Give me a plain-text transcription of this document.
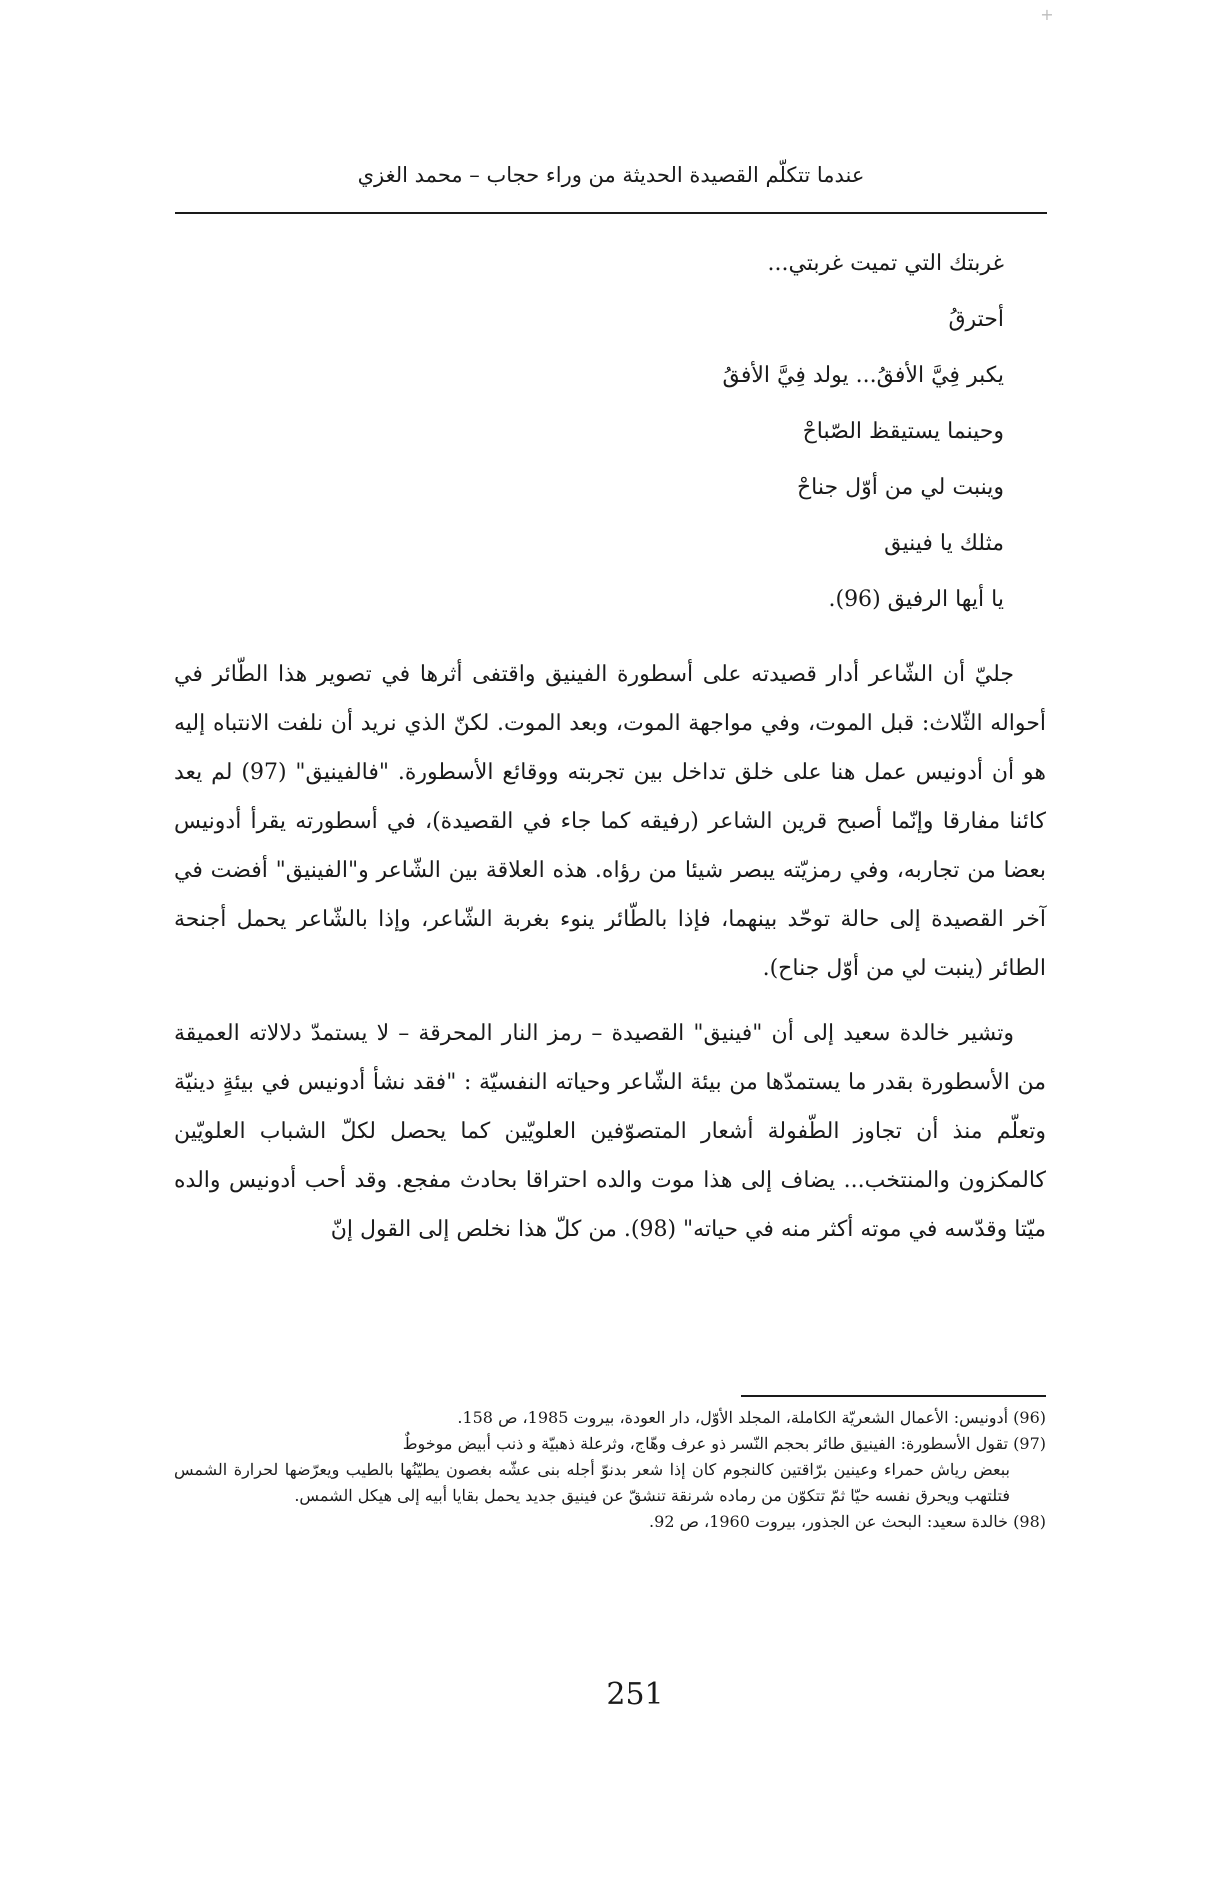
+
عندما تتكلّم القصيدة الحديثة من وراء حجاب – محمد الغزي
غربتك التي تميت غربتي...
أحترقُ
يكبر فِيَّ الأفقُ... يولد فِيَّ الأفقُ
وحينما يستيقظ الصّباحْ
وينبت لي من أوّل جناحْ
مثلك يا فينيق
يا أيها الرفيق (96).

جليّ أن الشّاعر أدار قصيدته على أسطورة الفينيق واقتفى أثرها في تصوير هذا الطّائر في أحواله الثّلاث: قبل الموت، وفي مواجهة الموت، وبعد الموت. لكنّ الذي نريد أن نلفت الانتباه إليه هو أن أدونيس عمل هنا على خلق تداخل بين تجربته ووقائع الأسطورة. "فالفينيق" (97) لم يعد كائنا مفارقا وإنّما أصبح قرين الشاعر (رفيقه كما جاء في القصيدة)، في أسطورته يقرأ أدونيس بعضا من تجاربه، وفي رمزيّته يبصر شيئا من رؤاه. هذه العلاقة بين الشّاعر و"الفينيق" أفضت في آخر القصيدة إلى حالة توحّد بينهما، فإذا بالطّائر ينوء بغربة الشّاعر، وإذا بالشّاعر يحمل أجنحة الطائر (ينبت لي من أوّل جناح).

وتشير خالدة سعيد إلى أن "فينيق" القصيدة – رمز النار المحرقة – لا يستمدّ دلالاته العميقة من الأسطورة بقدر ما يستمدّها من بيئة الشّاعر وحياته النفسيّة : "فقد نشأ أدونيس في بيئةٍ دينيّة وتعلّم منذ أن تجاوز الطّفولة أشعار المتصوّفين العلويّين كما يحصل لكلّ الشباب العلويّين كالمكزون والمنتخب... يضاف إلى هذا موت والده احتراقا بحادث مفجع. وقد أحب أدونيس والده ميّتا وقدّسه في موته أكثر منه في حياته" (98). من كلّ هذا نخلص إلى القول إنّ

(96) أدونيس: الأعمال الشعريّة الكاملة، المجلد الأوّل، دار العودة، بيروت 1985، ص 158.
(97) تقول الأسطورة: الفينيق طائر بحجم النّسر ذو عرف وهّاج، وثرعلة ذهبيّة و ذنب أبيض موخوطٌ
ببعض رياش حمراء وعينين برّاقتين كالنجوم كان إذا شعر بدنوّ أجله بنى عشّه بغصون يطيّنُها بالطيب ويعرّضها لحرارة الشمس فتلتهب ويحرق نفسه حيّا ثمّ تتكوّن من رماده شرنقة تنشقّ عن فينيق جديد يحمل بقايا أبيه إلى هيكل الشمس.
(98) خالدة سعيد: البحث عن الجذور، بيروت 1960، ص 92.
251
